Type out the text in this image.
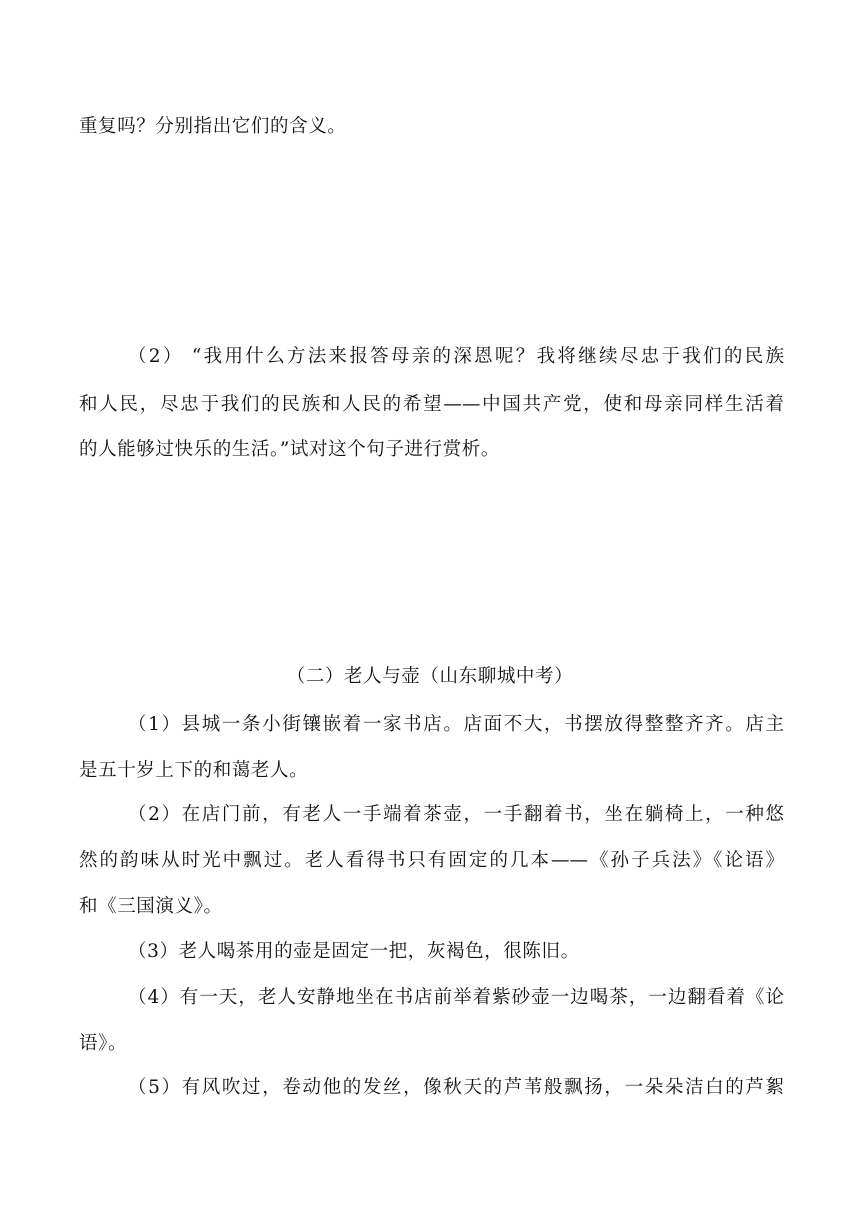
重复吗？分别指出它们的含义。
（2） “我用什么方法来报答母亲的深恩呢？我将继续尽忠于我们的民族
和人民，尽忠于我们的民族和人民的希望——中国共产党，使和母亲同样生活着
的人能够过快乐的生活。”试对这个句子进行赏析。
（二）老人与壶（山东聊城中考）
（1）县城一条小街镶嵌着一家书店。店面不大，书摆放得整整齐齐。店主
是五十岁上下的和蔼老人。
（2）在店门前，有老人一手端着茶壶，一手翻着书，坐在躺椅上，一种悠
然的韵味从时光中飘过。老人看得书只有固定的几本——《孙子兵法》《论语》
和《三国演义》。
（3）老人喝茶用的壶是固定一把，灰褐色，很陈旧。
（4）有一天，老人安静地坐在书店前举着紫砂壶一边喝茶，一边翻看着《论
语》。
（5）有风吹过，卷动他的发丝，像秋天的芦苇般飘扬，一朵朵洁白的芦絮
